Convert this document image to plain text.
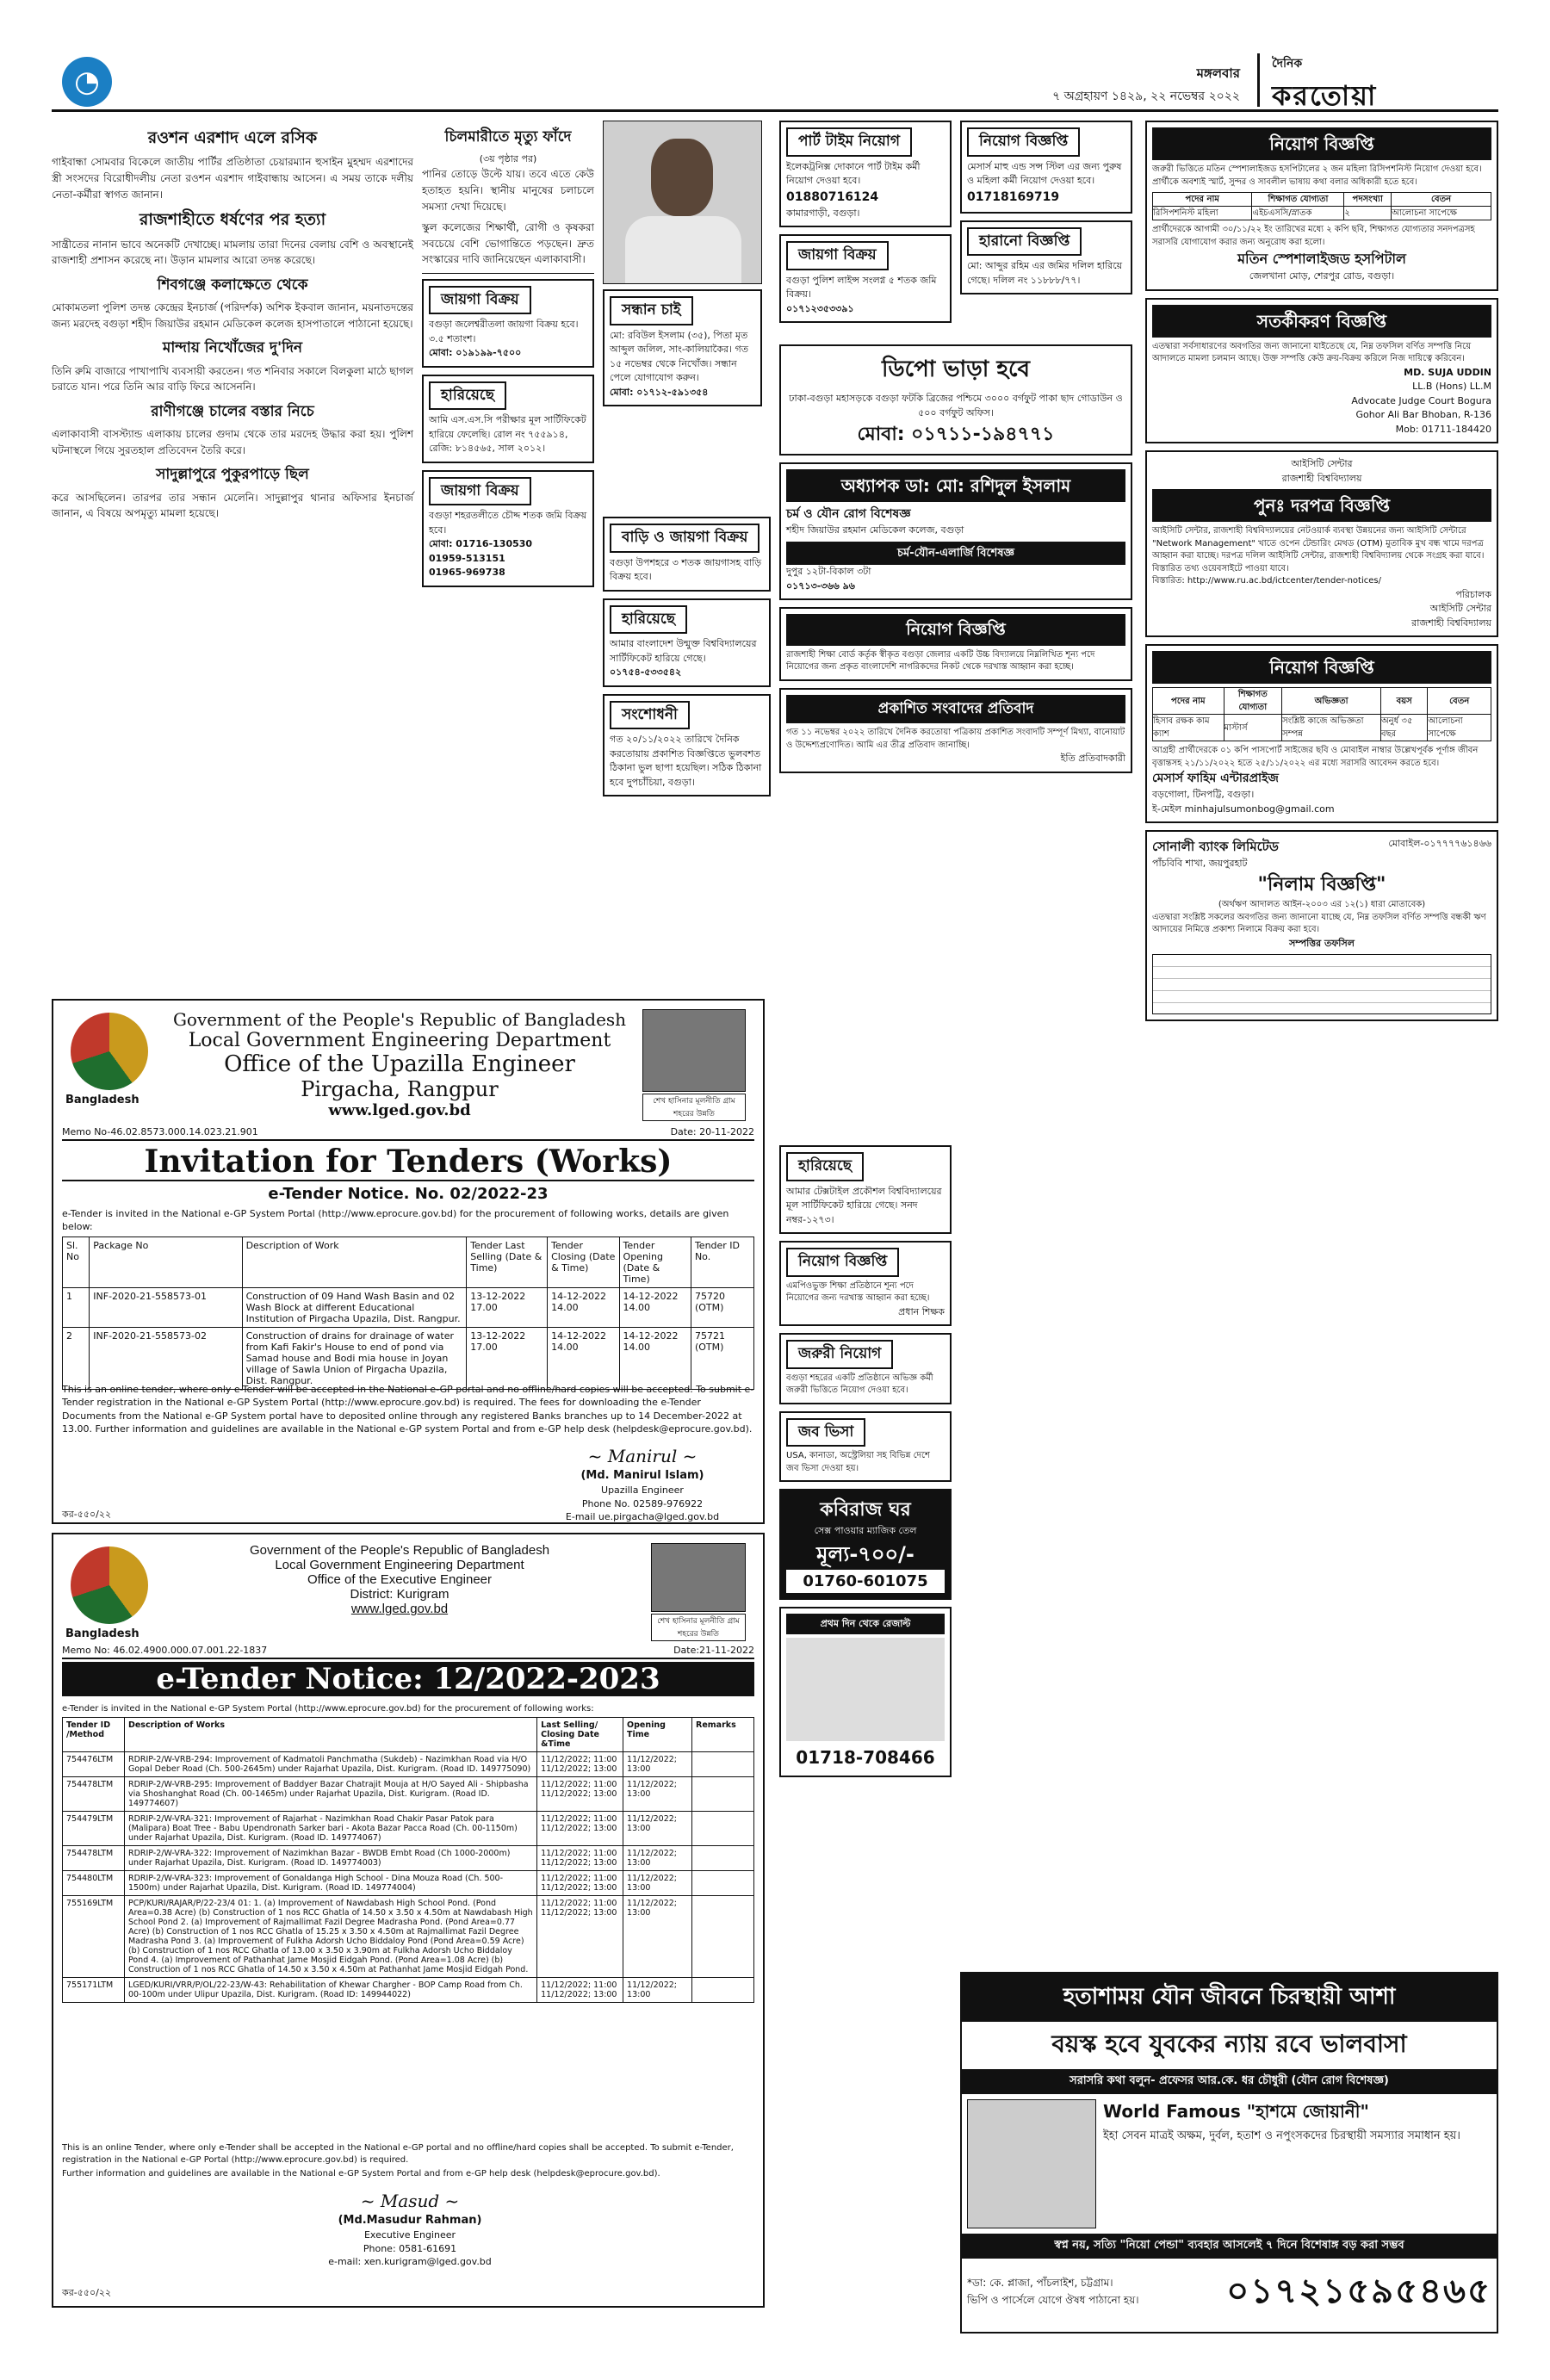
◔	মঙ্গলবার
৭ অগ্রহায়ণ ১৪২৯, ২২ নভেম্বর ২০২২
দৈনিক
করতোয়া
রওশন এরশাদ এলে রসিক

গাইবান্ধা সোমবার বিকেলে জাতীয় পার্টির প্রতিষ্ঠাতা চেয়ারম্যান হুসাইন মুহম্মদ এরশাদের স্ত্রী সংসদের বিরোধীদলীয় নেতা রওশন এরশাদ গাইবান্ধায় আসেন। এ সময় তাকে দলীয় নেতা-কর্মীরা স্বাগত জানান।

রাজশাহীতে ধর্ষণের পর হত্যা

সান্ত্রীতের নানান ভাবে অনেকটি দেখাচ্ছে। মামলায় তারা দিনের বেলায় বেশি ও অবস্থানেই রাজশাহী প্রশাসন করেছে না। উড়ান মামলার আরো তদন্ত করেছে।

শিবগঞ্জে কলাক্ষেতে থেকে

মোকামতলা পুলিশ তদন্ত কেন্দ্রের ইনচার্জ (পরিদর্শক) অশিক ইকবাল জানান, ময়নাতদন্তের জন্য মরদেহ বগুড়া শহীদ জিয়াউর রহমান মেডিকেল কলেজ হাসপাতালে পাঠানো হয়েছে।

মান্দায় নিখোঁজের দু'দিন

তিনি রুমি বাজারে পাখাপাখি ব্যবসায়ী করতেন। গত শনিবার সকালে বিলকুলা মাঠে ছাগল চরাতে যান। পরে তিনি আর বাড়ি ফিরে আসেননি।

রাণীগঞ্জে চালের বস্তার নিচে

এলাকাবাসী বাসস্ট্যান্ড এলাকায় চালের গুদাম থেকে তার মরদেহ উদ্ধার করা হয়। পুলিশ ঘটনাস্থলে গিয়ে সুরতহাল প্রতিবেদন তৈরি করে।

সাদুল্লাপুরে পুকুরপাড়ে ছিল

করে আসছিলেন। তারপর তার সন্ধান মেলেনি। সাদুল্লাপুর থানার অফিসার ইনচার্জ জানান, এ বিষয়ে অপমৃত্যু মামলা হয়েছে।

চিলমারীতে মৃত্যু ফাঁদে
(৩য় পৃষ্ঠার পর)

পানির তোড়ে উল্টে যায়। তবে এতে কেউ হতাহত হয়নি। স্থানীয় মানুষের চলাচলে সমস্যা দেখা দিয়েছে।

স্কুল কলেজের শিক্ষার্থী, রোগী ও কৃষকরা সবচেয়ে বেশি ভোগান্তিতে পড়ছেন। দ্রুত সংস্কারের দাবি জানিয়েছেন এলাকাবাসী।

জায়গা বিক্রয়
বগুড়া জলেশ্বরীতলা জায়গা বিক্রয় হবে। ৩.৫ শতাংশ।
মোবা: ০১৯১৯৯-৭৫০০
হারিয়েছে
আমি এস.এস.সি পরীক্ষার মূল সার্টিফিকেট হারিয়ে ফেলেছি। রোল নং ৭৫৫৯১৪, রেজি: ৮১৪৫৬৫, সাল ২০১২।
জায়গা বিক্রয়
বগুড়া শহরতলীতে চৌদ্দ শতক জমি বিক্রয় হবে।
মোবা: 01716-130530
01959-513151
01965-969738
সন্ধান চাই
মো: রবিউল ইসলাম (৩৫), পিতা মৃত আব্দুল জলিল, সাং-কালিয়াকৈর। গত ১৫ নভেম্বর থেকে নিখোঁজ। সন্ধান পেলে যোগাযোগ করুন।
মোবা: ০১৭১২-৫৯১৩৫৪
পার্ট টাইম নিয়োগ
ইলেকট্রনিক্স দোকানে পার্ট টাইম কর্মী নিয়োগ দেওয়া হবে।
01880716124
কামারগাড়ী, বগুড়া।
জায়গা বিক্রয়
বগুড়া পুলিশ লাইন্স সংলগ্ন ৫ শতক জমি বিক্রয়।
০১৭১২৩৫৩৩৯১
নিয়োগ বিজ্ঞপ্তি
মেসার্স মাহু এন্ড সন্স স্টিল এর জন্য পুরুষ ও মহিলা কর্মী নিয়োগ দেওয়া হবে।
01718169719
হারানো বিজ্ঞপ্তি
মো: আব্দুর রহিম এর জমির দলিল হারিয়ে গেছে। দলিল নং ১১৮৮৮/৭৭।
বাড়ি ও জায়গা বিক্রয়
বগুড়া উপশহরে ৩ শতক জায়গাসহ বাড়ি বিক্রয় হবে।
হারিয়েছে
আমার বাংলাদেশ উন্মুক্ত বিশ্ববিদ্যালয়ের সার্টিফিকেট হারিয়ে গেছে।
০১৭৫৪-৫৩৩৫৪২
সংশোধনী
গত ২০/১১/২০২২ তারিখে দৈনিক করতোয়ায় প্রকাশিত বিজ্ঞপ্তিতে ভুলবশত ঠিকানা ভুল ছাপা হয়েছিল। সঠিক ঠিকানা হবে দুপচাঁচিয়া, বগুড়া।
ডিপো ভাড়া হবে
ঢাকা-বগুড়া মহাসড়কে বগুড়া ফটকি ব্রিজের পশ্চিমে ৩০০০ বর্গফুট পাকা ছাদ গোডাউন ও ৫০০ বর্গফুট অফিস।
মোবা: ০১৭১১-১৯৪৭৭১
অধ্যাপক ডা: মো: রশিদুল ইসলাম
চর্ম ও যৌন রোগ বিশেষজ্ঞ
শহীদ জিয়াউর রহমান মেডিকেল কলেজ, বগুড়া
চর্ম-যৌন-এলার্জি বিশেষজ্ঞ
দুপুর ১২টা-বিকাল ৩টা
০১৭১৩-৩৬৬ ৯৬
নিয়োগ বিজ্ঞপ্তি
রাজশাহী শিক্ষা বোর্ড কর্তৃক স্বীকৃত বগুড়া জেলার একটি উচ্চ বিদ্যালয়ে নিম্নলিখিত শূন্য পদে নিয়োগের জন্য প্রকৃত বাংলাদেশি নাগরিকদের নিকট থেকে দরখাস্ত আহ্বান করা হচ্ছে।
প্রকাশিত সংবাদের প্রতিবাদ
গত ১১ নভেম্বর ২০২২ তারিখে দৈনিক করতোয়া পত্রিকায় প্রকাশিত সংবাদটি সম্পূর্ণ মিথ্যা, বানোয়াট ও উদ্দেশ্যপ্রণোদিত। আমি এর তীব্র প্রতিবাদ জানাচ্ছি।
ইতি প্রতিবাদকারী
হারিয়েছে
আমার টেক্সটাইল প্রকৌশল বিশ্ববিদ্যালয়ের মূল সার্টিফিকেট হারিয়ে গেছে। সনদ নম্বর-১২৭৩।
নিয়োগ বিজ্ঞপ্তি
এমপিওভুক্ত শিক্ষা প্রতিষ্ঠানে শূন্য পদে নিয়োগের জন্য দরখাস্ত আহ্বান করা হচ্ছে।
প্রধান শিক্ষক
জরুরী নিয়োগ
বগুড়া শহরের একটি প্রতিষ্ঠানে অভিজ্ঞ কর্মী জরুরী ভিত্তিতে নিয়োগ দেওয়া হবে।
জব ভিসা
USA, কানাডা, অস্ট্রেলিয়া সহ বিভিন্ন দেশে জব ভিসা দেওয়া হয়।
কবিরাজ ঘর
সেক্স পাওয়ার ম্যাজিক তেল
মূল্য-৭০০/-
01760-601075
প্রথম দিন থেকে রেজাল্ট
01718-708466
নিয়োগ বিজ্ঞপ্তি
জরুরী ভিত্তিতে মতিন স্পেশালাইজড হসপিটালের ২ জন মহিলা রিসিপশনিস্ট নিয়োগ দেওয়া হবে। প্রার্থীকে অবশ্যই স্মার্ট, সুন্দর ও সাবলীল ভাষায় কথা বলার অধিকারী হতে হবে।
পদের নাম	শিক্ষাগত যোগ্যতা	পদসংখ্যা	বেতন
রিসিপশনিস্ট মহিলা	এইচএসসি/স্নাতক	২	আলোচনা সাপেক্ষে
প্রার্থীদেরকে আগামী ৩০/১১/২২ ইং তারিখের মধ্যে ২ কপি ছবি, শিক্ষাগত যোগ্যতার সনদপত্রসহ সরাসরি যোগাযোগ করার জন্য অনুরোধ করা হলো।
মতিন স্পেশালাইজড হসপিটাল
জেলখানা মোড়, শেরপুর রোড, বগুড়া।
সতর্কীকরণ বিজ্ঞপ্তি
এতদ্বারা সর্বসাধারণের অবগতির জন্য জানানো যাইতেছে যে, নিম্ন তফসিল বর্ণিত সম্পত্তি নিয়ে আদালতে মামলা চলমান আছে। উক্ত সম্পত্তি কেউ ক্রয়-বিক্রয় করিলে নিজ দায়িত্বে করিবেন।
MD. SUJA UDDIN
LL.B (Hons) LL.M
Advocate Judge Court Bogura
Gohor Ali Bar Bhoban, R-136
Mob: 01711-184420
আইসিটি সেন্টার
রাজশাহী বিশ্ববিদ্যালয়
পুনঃ দরপত্র বিজ্ঞপ্তি
আইসিটি সেন্টার, রাজশাহী বিশ্ববিদ্যালয়ের নেটওয়ার্ক ব্যবস্থা উন্নয়নের জন্য আইসিটি সেন্টারে "Network Management" খাতে ওপেন টেন্ডারিং মেথড (OTM) মুতাবিক মুখ বন্ধ খামে দরপত্র আহ্বান করা যাচ্ছে। দরপত্র দলিল আইসিটি সেন্টার, রাজশাহী বিশ্ববিদ্যালয় থেকে সংগ্রহ করা যাবে। বিস্তারিত তথ্য ওয়েবসাইটে পাওয়া যাবে।
বিস্তারিত: http://www.ru.ac.bd/ictcenter/tender-notices/
পরিচালক
আইসিটি সেন্টার
রাজশাহী বিশ্ববিদ্যালয়
নিয়োগ বিজ্ঞপ্তি
পদের নাম	শিক্ষাগত যোগ্যতা	অভিজ্ঞতা	বয়স	বেতন
হিসাব রক্ষক কাম ক্যাশ	মাস্টার্স	সংশ্লিষ্ট কাজে অভিজ্ঞতা সম্পন্ন	অনুর্ধ ৩৫ বছর	আলোচনা সাপেক্ষে
আগ্রহী প্রার্থীদেরকে ০১ কপি পাসপোর্ট সাইজের ছবি ও মোবাইল নাম্বার উল্লেখপূর্বক পূর্ণাঙ্গ জীবন বৃত্তান্তসহ ২১/১১/২০২২ হতে ২৫/১১/২০২২ এর মধ্যে সরাসরি আবেদন করতে হবে।
মেসার্স ফাহিম এন্টারপ্রাইজ
বড়গোলা, টিনপট্টি, বগুড়া।
ই-মেইল minhajulsumonbog@gmail.com
সোনালী ব্যাংক লিমিটেড
পাঁচবিবি শাখা, জয়পুরহাট
মোবাইল-০১৭৭৭৭৬১৪৬৬
"নিলাম বিজ্ঞপ্তি"
(অর্থঋণ আদালত আইন-২০০৩ এর ১২(১) ধারা মোতাবেক)
এতদ্বারা সংশ্লিষ্ট সকলের অবগতির জন্য জানানো যাচ্ছে যে, নিম্ন তফসিল বর্ণিত সম্পত্তি বন্ধকী ঋণ আদায়ের নিমিত্তে প্রকাশ্য নিলামে বিক্রয় করা হবে।
সম্পত্তির তফসিল
হতাশাময় যৌন জীবনে চিরস্থায়ী আশা
বয়স্ক হবে যুবকের ন্যায় রবে ভালবাসা
সরাসরি কথা বলুন- প্রফেসর আর.কে. ধর চৌধুরী (যৌন রোগ বিশেষজ্ঞ)
World Famous "হাশমে জোয়ানী"
ইহা সেবন মাত্রই অক্ষম, দুর্বল, হতাশ ও নপুংসকদের চিরস্থায়ী সমস্যার সমাধান হয়।
স্বপ্ন নয়, সত্যি "নিয়ো পেন্ডা" ব্যবহার আসলেই ৭ দিনে বিশেষাঙ্গ বড় করা সম্ভব
*ডা: কে. প্লাজা, পাঁচলাইশ, চট্টগ্রাম।
ভিপি ও পার্সেলে যোগে ঔষধ পাঠানো হয়।	০১৭২১৫৯৫৪৬৫
Bangladesh
Government of the People's Republic of Bangladesh
Local Government Engineering Department
Office of the Upazilla Engineer
Pirgacha, Rangpur
www.lged.gov.bd	শেখ হাসিনার মূলনীতি গ্রাম শহরের উন্নতি
Memo No-46.02.8573.000.14.023.21.901	Date: 20-11-2022
Invitation for Tenders (Works)
e-Tender Notice. No. 02/2022-23
e-Tender is invited in the National e-GP System Portal (http://www.eprocure.gov.bd) for the procurement of following works, details are given below:
Sl. No	Package No	Description of Work	Tender Last Selling (Date & Time)	Tender Closing (Date & Time)	Tender Opening (Date & Time)	Tender ID No.
1	INF-2020-21-558573-01	Construction of 09 Hand Wash Basin and 02 Wash Block at different Educational Institution of Pirgacha Upazila, Dist. Rangpur.	13-12-2022 17.00	14-12-2022 14.00	14-12-2022 14.00	75720 (OTM)
2	INF-2020-21-558573-02	Construction of drains for drainage of water from Kafi Fakir's House to end of pond via Samad house and Bodi mia house in Joyan village of Sawla Union of Pirgacha Upazila, Dist. Rangpur.	13-12-2022 17.00	14-12-2022 14.00	14-12-2022 14.00	75721 (OTM)
This is an online tender, where only e-Tender will be accepted in the National e-GP portal and no offline/hard copies will be accepted. To submit e-Tender registration in the National e-GP System Portal (http://www.eprocure.gov.bd) is required. The fees for downloading the e-Tender Documents from the National e-GP System portal have to deposited online through any registered Banks branches up to 14 December-2022 at 13.00. Further information and guidelines are available in the National e-GP system Portal and from e-GP help desk (helpdesk@eprocure.gov.bd).
~ Manirul ~
(Md. Manirul Islam)
Upazilla Engineer
Phone No. 02589-976922
E-mail ue.pirgacha@lged.gov.bd
কর-৫৫০/২২
Bangladesh
Government of the People's Republic of Bangladesh
Local Government Engineering Department
Office of the Executive Engineer
District: Kurigram
www.lged.gov.bd
শেখ হাসিনার মূলনীতি গ্রাম শহরের উন্নতি
Memo No: 46.02.4900.000.07.001.22-1837	Date:21-11-2022
e-Tender Notice: 12/2022-2023
e-Tender is invited in the National e-GP System Portal (http://www.eprocure.gov.bd) for the procurement of following works:
Tender ID /Method	Description of Works	Last Selling/ Closing Date &Time	Opening Time	Remarks
754476LTM	RDRIP-2/W-VRB-294: Improvement of Kadmatoli Panchmatha (Sukdeb) - Nazimkhan Road via H/O Gopal Deber Road (Ch. 500-2645m) under Rajarhat Upazila, Dist. Kurigram. (Road ID. 149775090)	11/12/2022; 11:00 11/12/2022; 13:00	11/12/2022; 13:00	
754478LTM	RDRIP-2/W-VRB-295: Improvement of Baddyer Bazar Chatrajit Mouja at H/O Sayed Ali - Shipbasha via Shoshanghat Road (Ch. 00-1465m) under Rajarhat Upazila, Dist. Kurigram. (Road ID. 149774607)	11/12/2022; 11:00 11/12/2022; 13:00	11/12/2022; 13:00	
754479LTM	RDRIP-2/W-VRA-321: Improvement of Rajarhat - Nazimkhan Road Chakir Pasar Patok para (Malipara) Boat Tree - Babu Upendronath Sarker bari - Akota Bazar Pacca Road (Ch. 00-1150m) under Rajarhat Upazila, Dist. Kurigram. (Road ID. 149774067)	11/12/2022; 11:00 11/12/2022; 13:00	11/12/2022; 13:00	
754478LTM	RDRIP-2/W-VRA-322: Improvement of Nazimkhan Bazar - BWDB Embt Road (Ch 1000-2000m) under Rajarhat Upazila, Dist. Kurigram. (Road ID. 149774003)	11/12/2022; 11:00 11/12/2022; 13:00	11/12/2022; 13:00	
754480LTM	RDRIP-2/W-VRA-323: Improvement of Gonaldanga High School - Dina Mouza Road (Ch. 500-1500m) under Rajarhat Upazila, Dist. Kurigram. (Road ID. 149774004)	11/12/2022; 11:00 11/12/2022; 13:00	11/12/2022; 13:00	
755169LTM	PCP/KURI/RAJAR/P/22-23/4 01: 1. (a) Improvement of Nawdabash High School Pond. (Pond Area=0.38 Acre) (b) Construction of 1 nos RCC Ghatla of 14.50 x 3.50 x 4.50m at Nawdabash High School Pond 2. (a) Improvement of Rajmallimat Fazil Degree Madrasha Pond. (Pond Area=0.77 Acre) (b) Construction of 1 nos RCC Ghatla of 15.25 x 3.50 x 4.50m at Rajmallimat Fazil Degree Madrasha Pond 3. (a) Improvement of Fulkha Adorsh Ucho Biddaloy Pond (Pond Area=0.59 Acre) (b) Construction of 1 nos RCC Ghatla of 13.00 x 3.50 x 3.90m at Fulkha Adorsh Ucho Biddaloy Pond 4. (a) Improvement of Pathanhat Jame Mosjid Eidgah Pond. (Pond Area=1.08 Acre) (b) Construction of 1 nos RCC Ghatla of 14.50 x 3.50 x 4.50m at Pathanhat Jame Mosjid Eidgah Pond.	11/12/2022; 11:00 11/12/2022; 13:00	11/12/2022; 13:00	
755171LTM	LGED/KURI/VRR/P/OL/22-23/W-43: Rehabilitation of Khewar Chargher - BOP Camp Road from Ch. 00-100m under Ulipur Upazila, Dist. Kurigram. (Road ID: 149944022)	11/12/2022; 11:00 11/12/2022; 13:00	11/12/2022; 13:00	
This is an online Tender, where only e-Tender shall be accepted in the National e-GP portal and no offline/hard copies shall be accepted. To submit e-Tender, registration in the National e-GP Portal (http://www.eprocure.gov.bd) is required.
Further information and guidelines are available in the National e-GP System Portal and from e-GP help desk (helpdesk@eprocure.gov.bd).
~ Masud ~
(Md.Masudur Rahman)
Executive Engineer
Phone: 0581-61691
e-mail: xen.kurigram@lged.gov.bd
কর-৫৫০/২২
